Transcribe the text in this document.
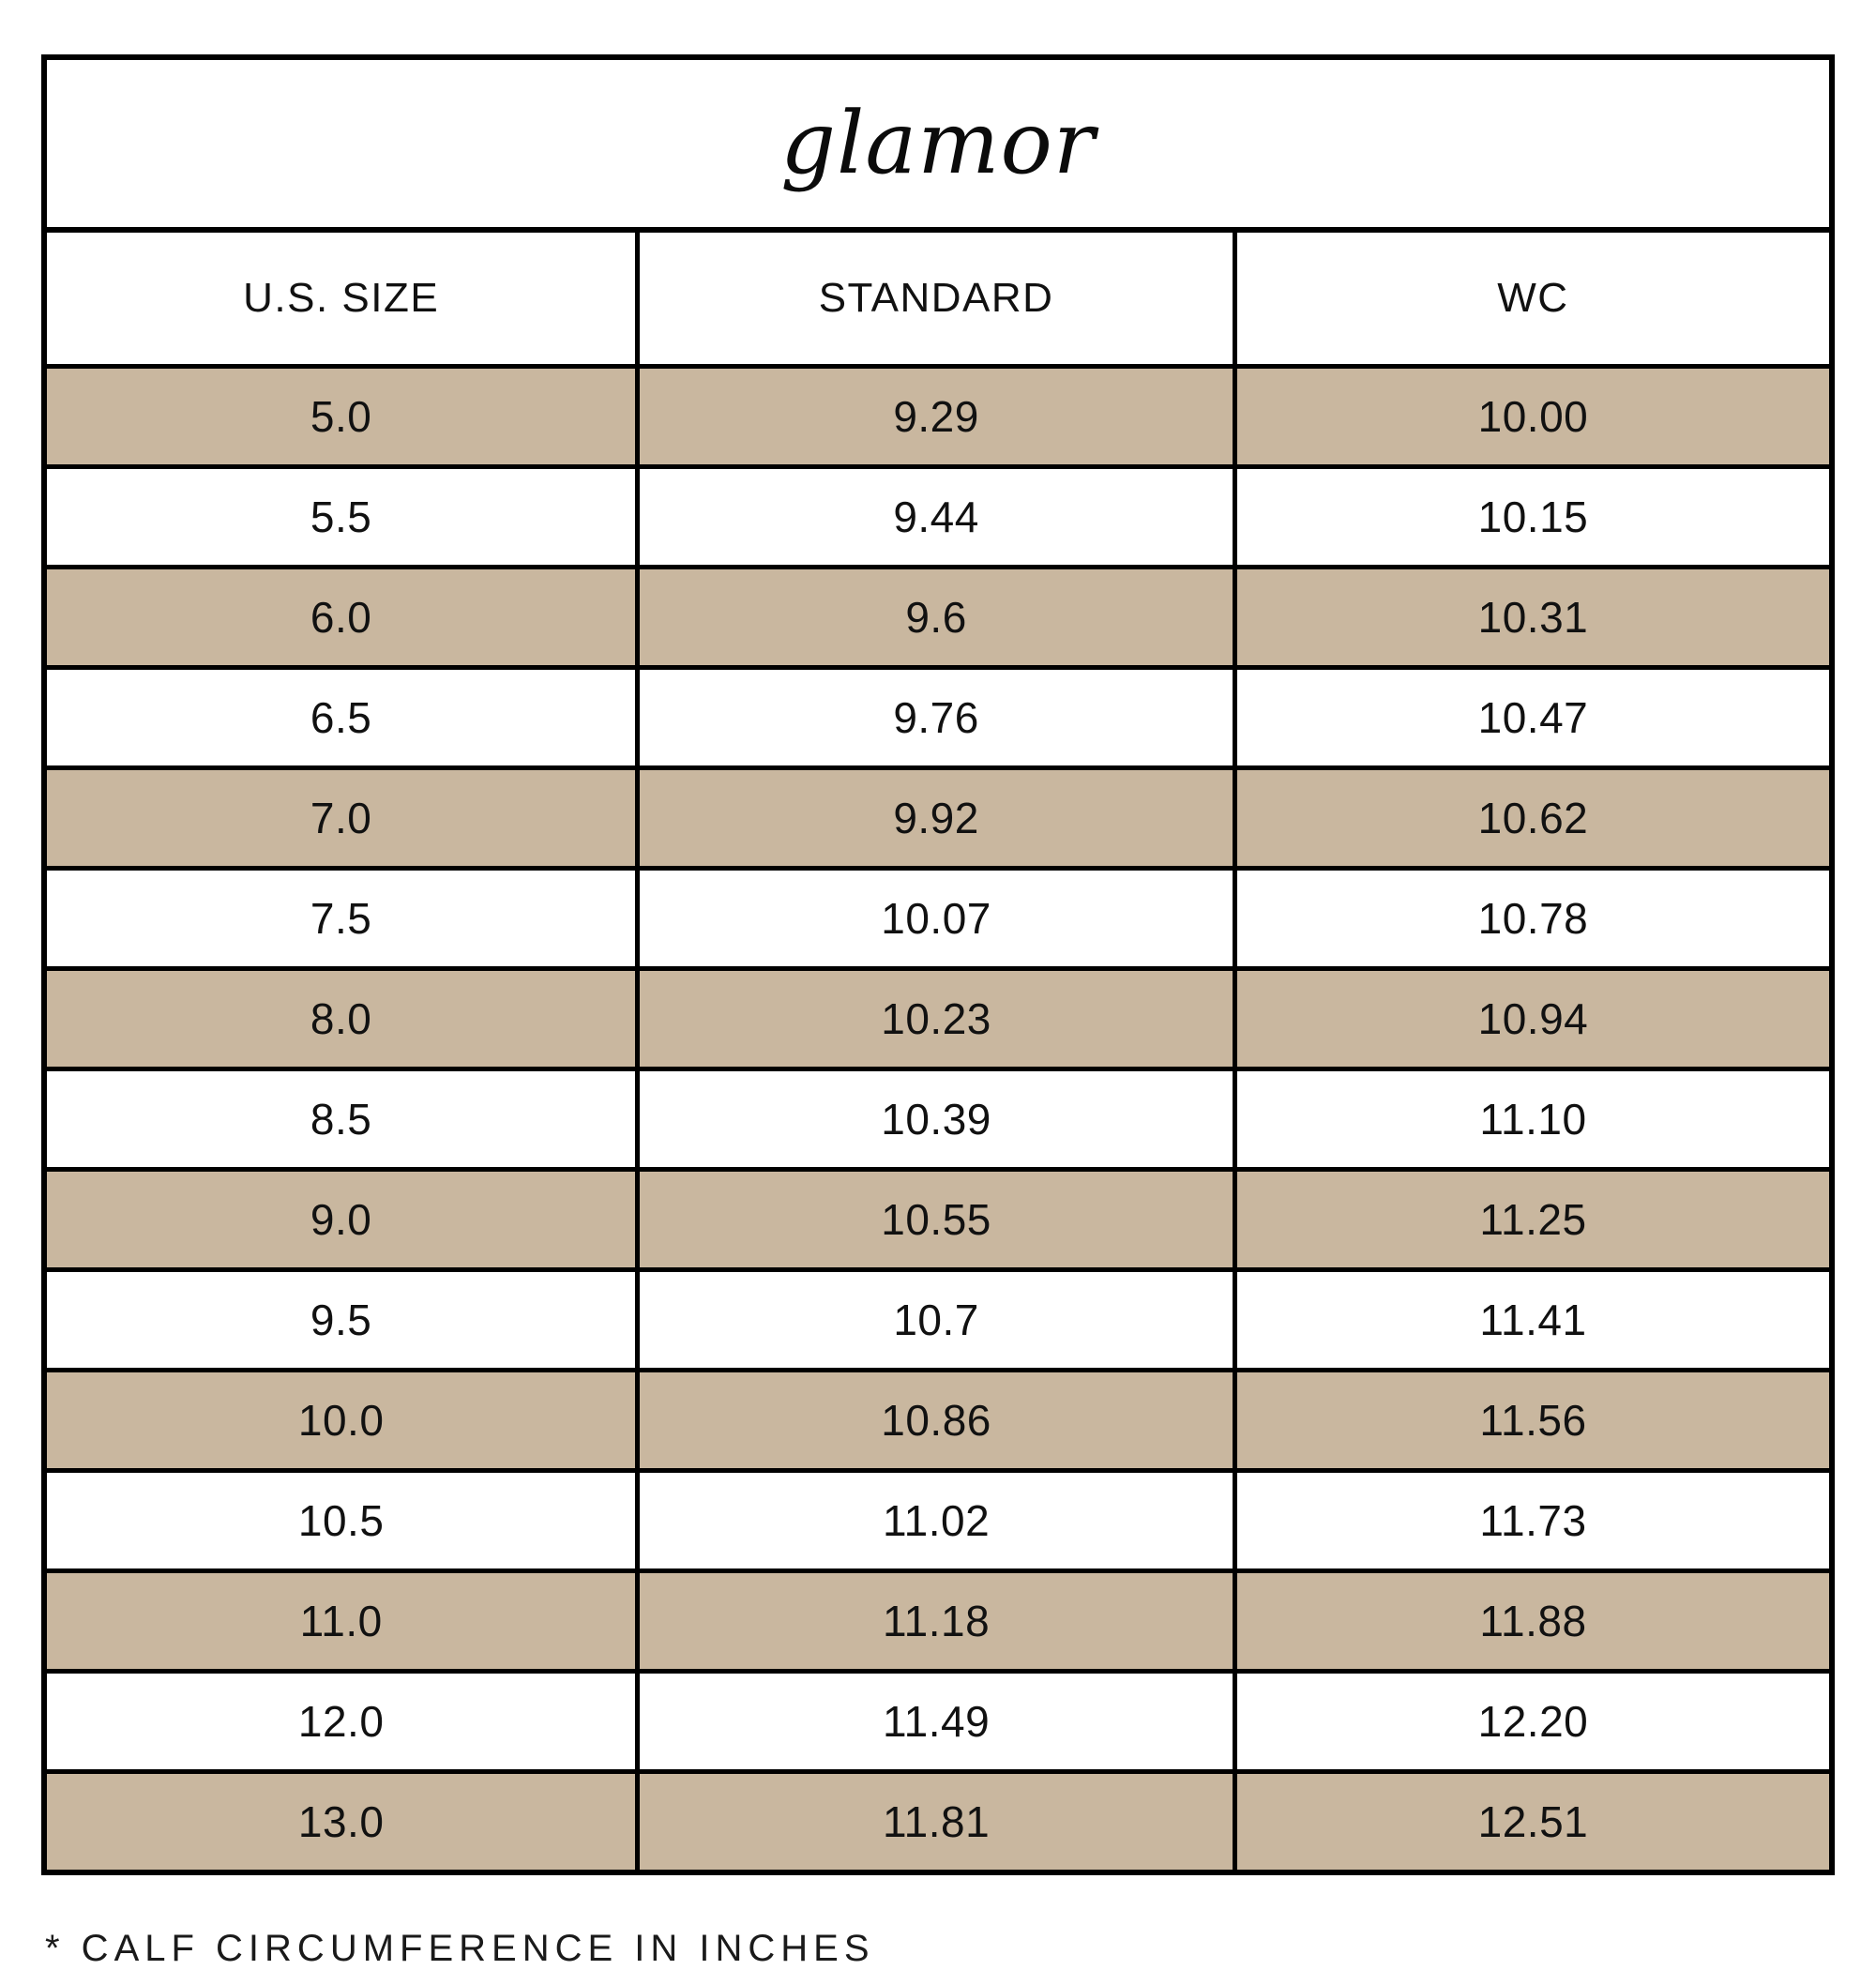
glamor		
U.S. SIZE	STANDARD	WC
5.0	9.29	10.00
5.5	9.44	10.15
6.0	9.6	10.31
6.5	9.76	10.47
7.0	9.92	10.62
7.5	10.07	10.78
8.0	10.23	10.94
8.5	10.39	11.10
9.0	10.55	11.25
9.5	10.7	11.41
10.0	10.86	11.56
10.5	11.02	11.73
11.0	11.18	11.88
12.0	11.49	12.20
13.0	11.81	12.51
* CALF CIRCUMFERENCE IN INCHES
